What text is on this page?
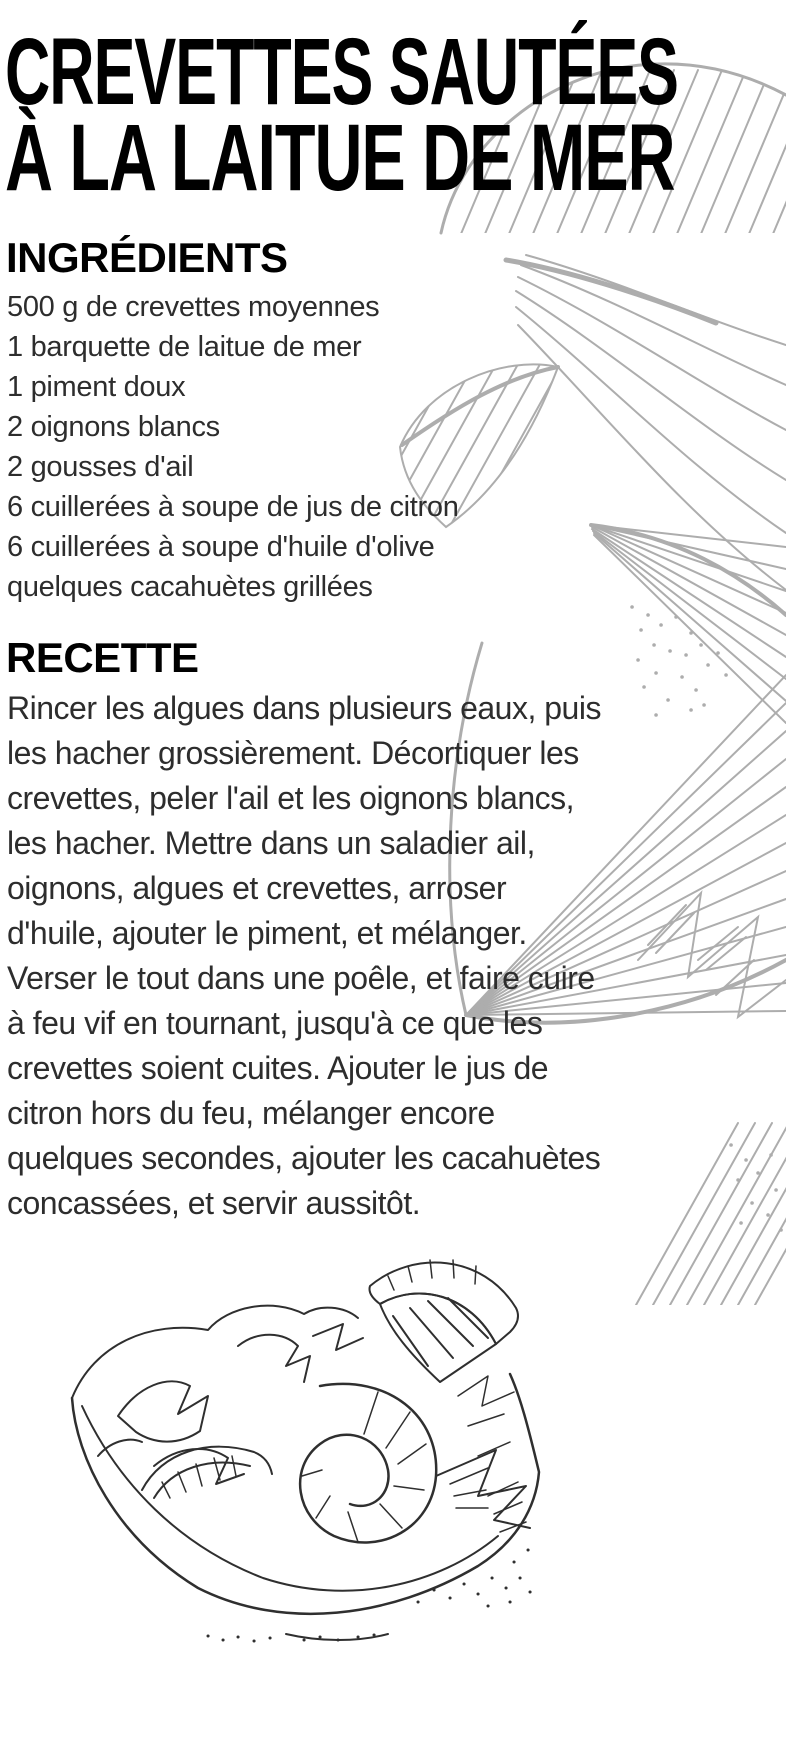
CREVETTES SAUTÉES
À LA LAITUE DE MER
INGRÉDIENTS
500 g de crevettes moyennes
1 barquette de laitue de mer
1 piment doux
2 oignons blancs
2 gousses d'ail
6 cuillerées à soupe de jus de citron
6 cuillerées à soupe d'huile d'olive
quelques cacahuètes grillées
RECETTE
Rincer les algues dans plusieurs eaux, puis
les hacher grossièrement. Décortiquer les
crevettes, peler l'ail et les oignons blancs,
les hacher. Mettre dans un saladier ail,
oignons, algues et crevettes, arroser
d'huile, ajouter le piment, et mélanger.
Verser le tout dans une poêle, et faire cuire
à feu vif en tournant, jusqu'à ce que les
crevettes soient cuites. Ajouter le jus de
citron hors du feu, mélanger encore
quelques secondes, ajouter les cacahuètes
concassées, et servir aussitôt.
